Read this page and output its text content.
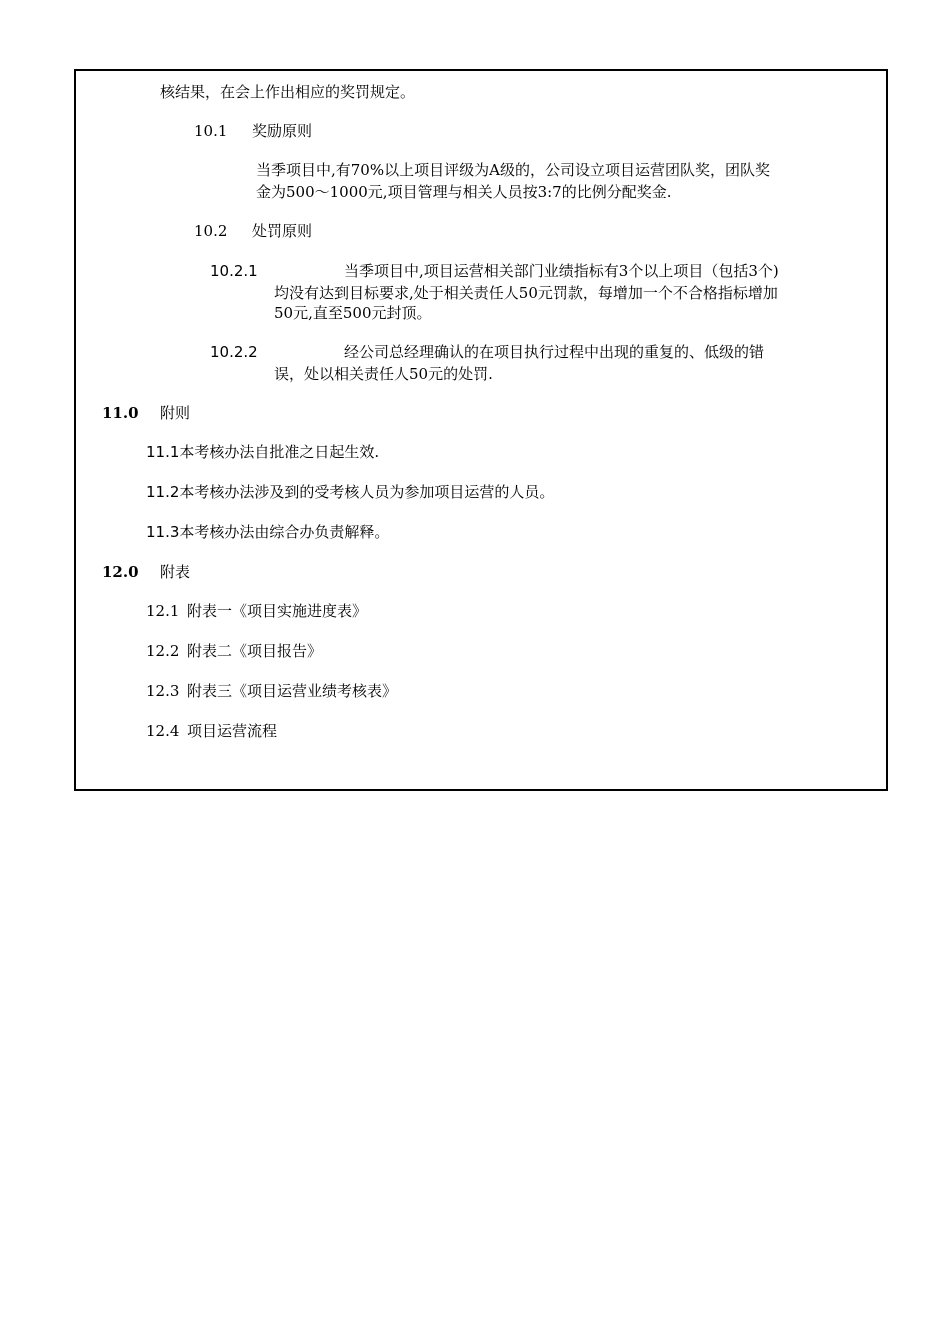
核结果，在会上作出相应的奖罚规定。
10.1 奖励原则
当季项目中,有70%以上项目评级为A级的，公司设立项目运营团队奖，团队奖
金为500～1000元,项目管理与相关人员按3:7的比例分配奖金.
10.2 处罚原则
10.2.1	当季项目中,项目运营相关部门业绩指标有3个以上项目（包括3个)
均没有达到目标要求,处于相关责任人50元罚款，每增加一个不合格指标增加
50元,直至500元封顶。
10.2.2	经公司总经理确认的在项目执行过程中出现的重复的、低级的错
误，处以相关责任人50元的处罚.
11.0 附则
11.1本考核办法自批准之日起生效.
11.2本考核办法涉及到的受考核人员为参加项目运营的人员。
11.3本考核办法由综合办负责解释。
12.0 附表
12.1 附表一《项目实施进度表》
12.2 附表二《项目报告》
12.3 附表三《项目运营业绩考核表》
12.4 项目运营流程
